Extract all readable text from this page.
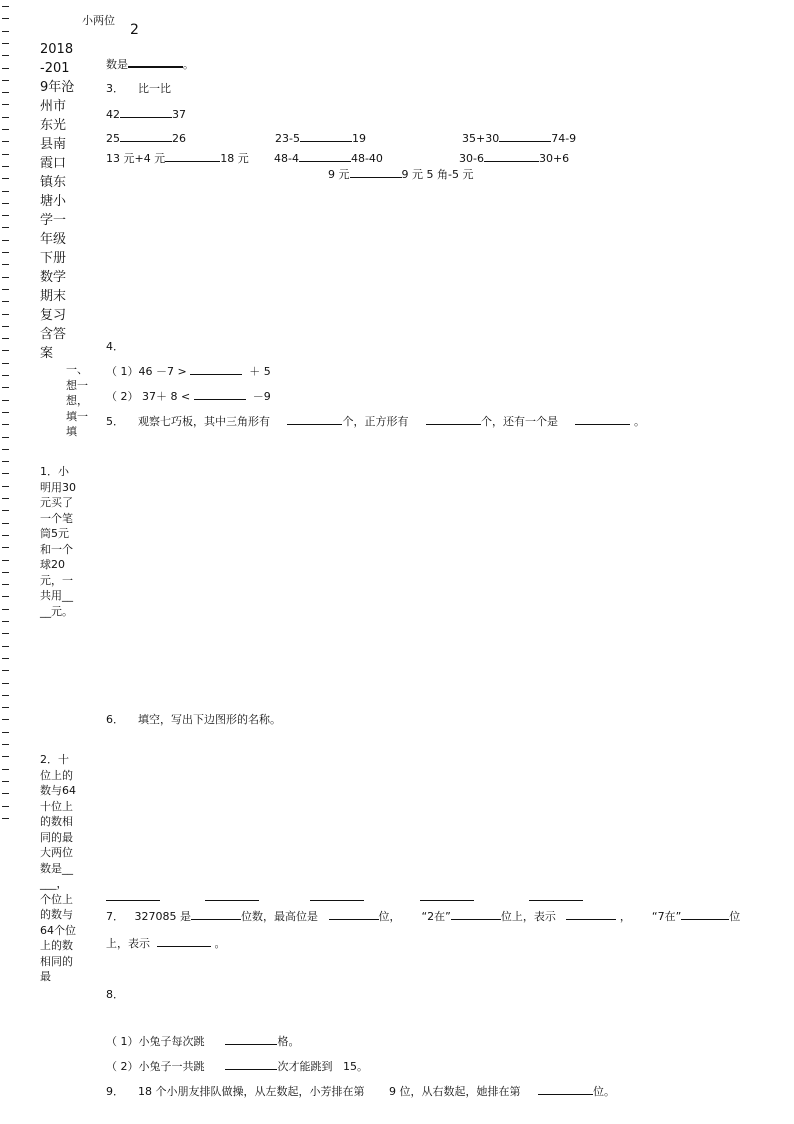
2018-2019年沧州市东光县南霞口镇东塘小学一年级下册数学期末复习含答案
一、想一想，填一填
1．小明用30元买了一个笔筒5元和一个球20元，一共用____元。
2．十位上的数与64十位上的数相同的最大两位数是_____，个位上的数与64个位上的数相同的最
小两位
2
数是	。
3． 比一比
42	37
25	26	23-5	19	35+30	74-9
13 元+4 元	18 元 48-4	48-40	30-6	30+6
9 元	9 元 5 角-5 元
4．
（ 1）46 －7 >	＋ 5
（ 2） 37＋ 8 <	－9
5． 观察七巧板，其中三角形有	个，正方形有	个，还有一个是	。
6． 填空，写出下边图形的名称。
7． 327085 是	位数，最高位是	位， “2在”	位上，表示	， “7在”	位
上，表示	。
8．
（ 1）小兔子每次跳	格。
（ 2）小兔子一共跳	次才能跳到 15。
9． 18 个小朋友排队做操，从左数起，小芳排在第 9 位，从右数起，她排在第	位。
